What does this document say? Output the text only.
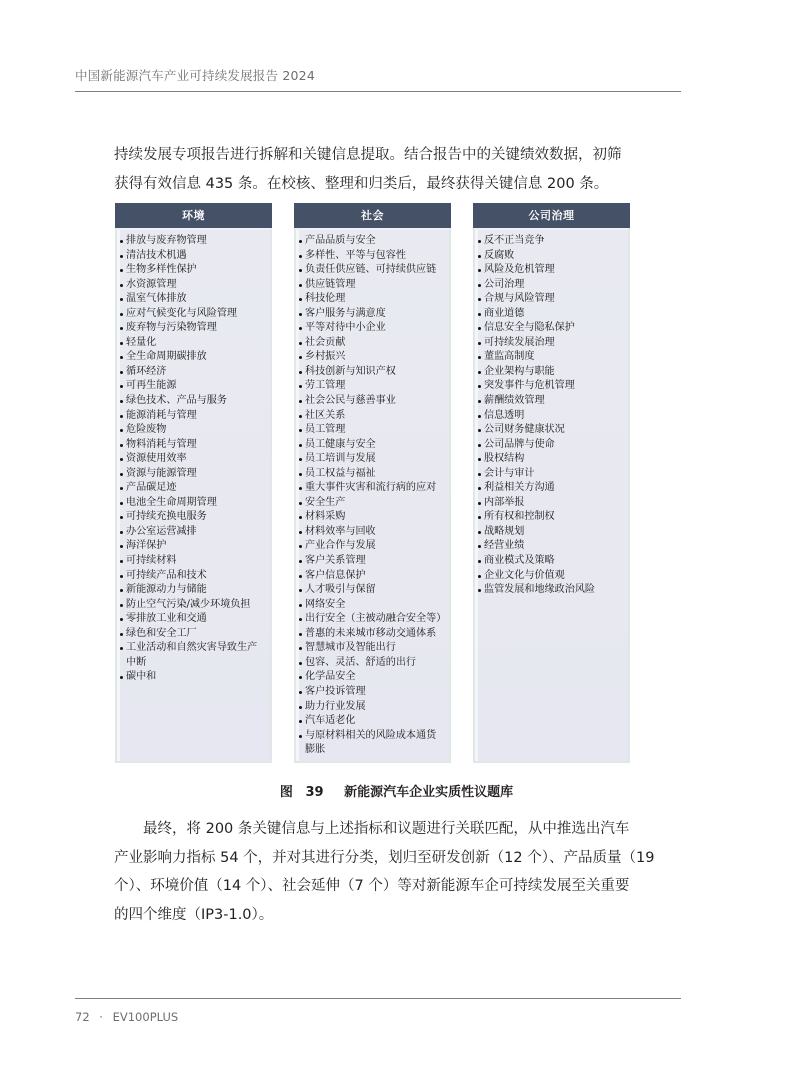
中国新能源汽车产业可持续发展报告 2024

持续发展专项报告进行拆解和关键信息提取。结合报告中的关键绩效数据，初筛
获得有效信息 435 条。在校核、整理和归类后，最终获得关键信息 200 条。

环境
排放与废弃物管理
清洁技术机遇
生物多样性保护
水资源管理
温室气体排放
应对气候变化与风险管理
废弃物与污染物管理
轻量化
全生命周期碳排放
循环经济
可再生能源
绿色技术、产品与服务
能源消耗与管理
危险废物
物料消耗与管理
资源使用效率
资源与能源管理
产品碳足迹
电池全生命周期管理
可持续充换电服务
办公室运营减排
海洋保护
可持续材料
可持续产品和技术
新能源动力与储能
防止空气污染/减少环境负担
零排放工业和交通
绿色和安全工厂
工业活动和自然灾害导致生产
中断
碳中和
社会
产品品质与安全
多样性、平等与包容性
负责任供应链、可持续供应链
供应链管理
科技伦理
客户服务与满意度
平等对待中小企业
社会贡献
乡村振兴
科技创新与知识产权
劳工管理
社会公民与慈善事业
社区关系
员工管理
员工健康与安全
员工培训与发展
员工权益与福祉
重大事件灾害和流行病的应对
安全生产
材料采购
材料效率与回收
产业合作与发展
客户关系管理
客户信息保护
人才吸引与保留
网络安全
出行安全（主被动融合安全等）
普惠的未来城市移动交通体系
智慧城市及智能出行
包容、灵活、舒适的出行
化学品安全
客户投诉管理
助力行业发展
汽车适老化
与原材料相关的风险成本通货
膨胀
公司治理
反不正当竞争
反腐败
风险及危机管理
公司治理
合规与风险管理
商业道德
信息安全与隐私保护
可持续发展治理
董监高制度
企业架构与职能
突发事件与危机管理
薪酬绩效管理
信息透明
公司财务健康状况
公司品牌与使命
股权结构
会计与审计
利益相关方沟通
内部举报
所有权和控制权
战略规划
经营业绩
商业模式及策略
企业文化与价值观
监管发展和地缘政治风险
图 39 新能源汽车企业实质性议题库

最终，将 200 条关键信息与上述指标和议题进行关联匹配，从中推选出汽车
产业影响力指标 54 个，并对其进行分类，划归至研发创新（12 个）、产品质量（19
个）、环境价值（14 个）、社会延伸（7 个）等对新能源车企可持续发展至关重要
的四个维度（IP3-1.0）。

72 · EV100PLUS
